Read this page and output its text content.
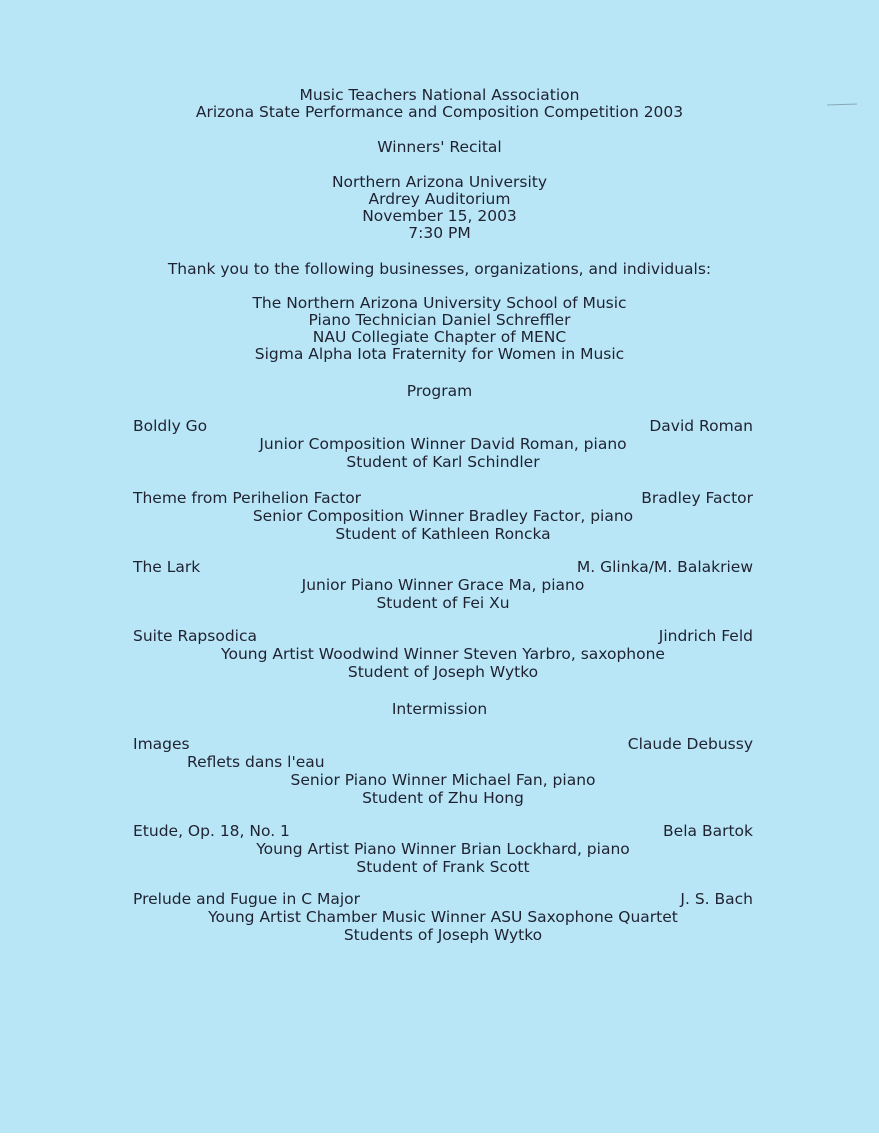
Music Teachers National Association
Arizona State Performance and Composition Competition 2003
Winners' Recital
Northern Arizona University
Ardrey Auditorium
November 15, 2003
7:30 PM
Thank you to the following businesses, organizations, and individuals:
The Northern Arizona University School of Music
Piano Technician Daniel Schreffler
NAU Collegiate Chapter of MENC
Sigma Alpha Iota Fraternity for Women in Music
Program
Boldly Go	David Roman
Junior Composition Winner David Roman, piano
Student of Karl Schindler
Theme from Perihelion Factor	Bradley Factor
Senior Composition Winner Bradley Factor, piano
Student of Kathleen Roncka
The Lark	M. Glinka/M. Balakriew
Junior Piano Winner Grace Ma, piano
Student of Fei Xu
Suite Rapsodica	Jindrich Feld
Young Artist Woodwind Winner Steven Yarbro, saxophone
Student of Joseph Wytko
Intermission
Images	Claude Debussy
Reflets dans l'eau
Senior Piano Winner Michael Fan, piano
Student of Zhu Hong
Etude, Op. 18, No. 1	Bela Bartok
Young Artist Piano Winner Brian Lockhard, piano
Student of Frank Scott
Prelude and Fugue in C Major	J. S. Bach
Young Artist Chamber Music Winner ASU Saxophone Quartet
Students of Joseph Wytko
